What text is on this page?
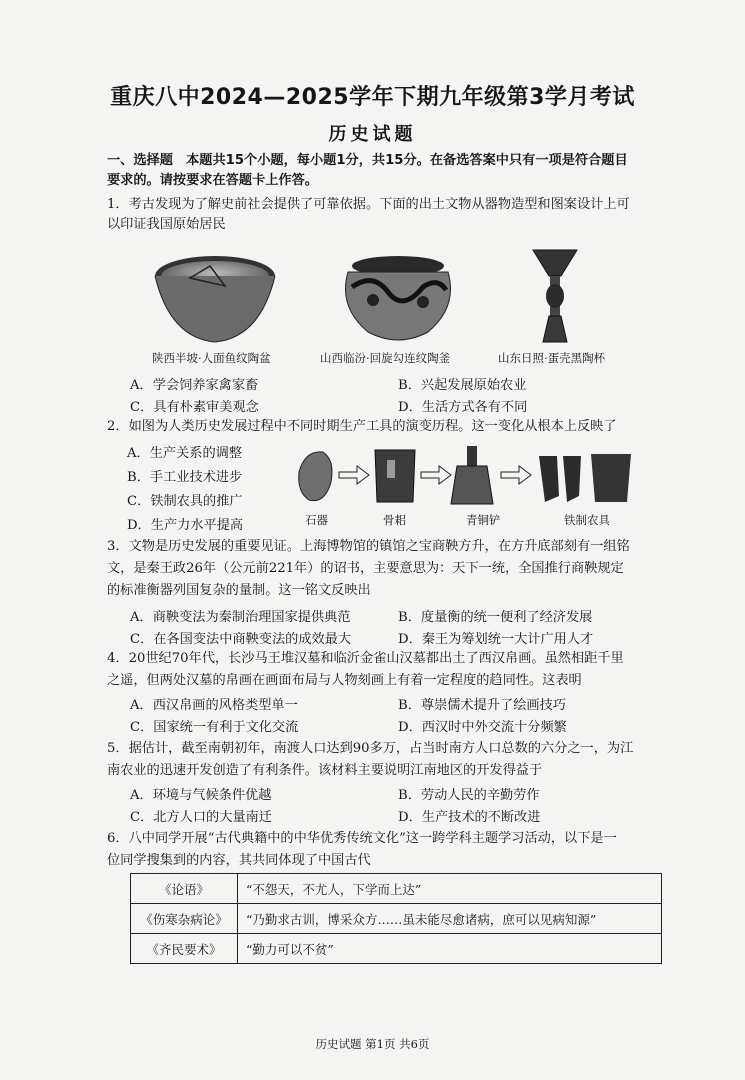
重庆八中2024—2025学年下期九年级第3学月考试
历史试题
一、选择题　本题共15个小题，每小题1分，共15分。在备选答案中只有一项是符合题目
要求的。请按要求在答题卡上作答。
1．考古发现为了解史前社会提供了可靠依据。下面的出土文物从器物造型和图案设计上可
以印证我国原始居民
陕西半坡·人面鱼纹陶盆	山西临汾·回旋勾连纹陶釜	山东日照·蛋壳黑陶杯
A．学会饲养家禽家畜	B．兴起发展原始农业
C．具有朴素审美观念	D．生活方式各有不同
2．如图为人类历史发展过程中不同时期生产工具的演变历程。这一变化从根本上反映了
A．生产关系的调整
B．手工业技术进步
C．铁制农具的推广
D．生产力水平提高	石器	骨耜	青铜铲	铁制农具
3．文物是历史发展的重要见证。上海博物馆的镇馆之宝商鞅方升，在方升底部刻有一组铭
文，是秦王政26年（公元前221年）的诏书，主要意思为：天下一统，全国推行商鞅规定
的标准衡器列国复杂的量制。这一铭文反映出
A．商鞅变法为秦制治理国家提供典范	B．度量衡的统一便利了经济发展
C．在各国变法中商鞅变法的成效最大	D．秦王为筹划统一大计广用人才
4．20世纪70年代，长沙马王堆汉墓和临沂金雀山汉墓都出土了西汉帛画。虽然相距千里
之遥，但两处汉墓的帛画在画面布局与人物刻画上有着一定程度的趋同性。这表明
A．西汉帛画的风格类型单一	B．尊崇儒术提升了绘画技巧
C．国家统一有利于文化交流	D．西汉时中外交流十分频繁
5．据估计，截至南朝初年，南渡人口达到90多万，占当时南方人口总数的六分之一，为江
南农业的迅速开发创造了有利条件。该材料主要说明江南地区的开发得益于
A．环境与气候条件优越	B．劳动人民的辛勤劳作
C．北方人口的大量南迁	D．生产技术的不断改进
6．八中同学开展“古代典籍中的中华优秀传统文化”这一跨学科主题学习活动，以下是一
位同学搜集到的内容，其共同体现了中国古代
《论语》	“不怨天，不尤人，下学而上达”
《伤寒杂病论》	“乃勤求古训，博采众方……虽未能尽愈诸病，庶可以见病知源”
《齐民要术》	“勤力可以不贫”
历史试题 第1页 共6页
